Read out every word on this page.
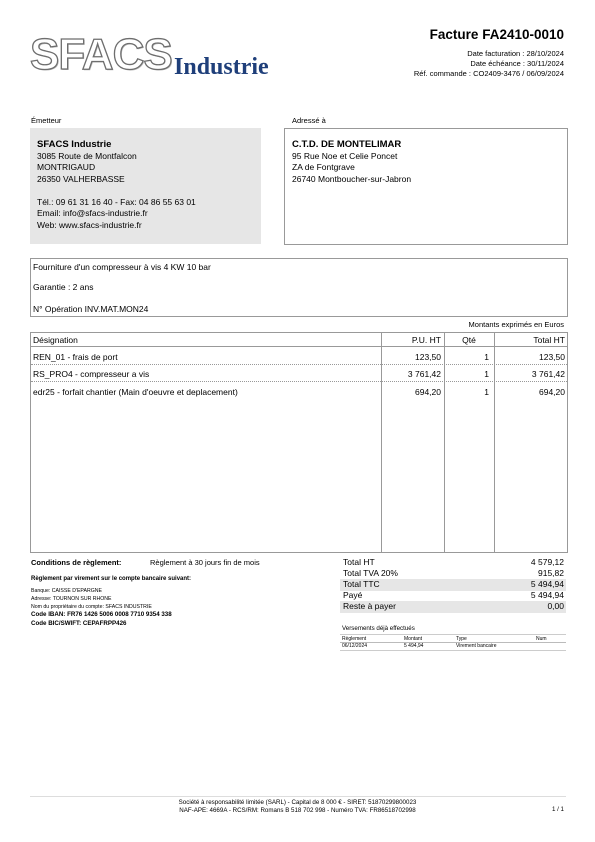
SFACS Industrie
Facture FA2410-0010
Date facturation : 28/10/2024
Date échéance : 30/11/2024
Réf. commande : CO2409-3476 / 06/09/2024
Émetteur	Adressé à
SFACS Industrie
3085 Route de Montfalcon
MONTRIGAUD
26350 VALHERBASSE

Tél.: 09 61 31 16 40 - Fax: 04 86 55 63 01
Email: info@sfacs-industrie.fr
Web: www.sfacs-industrie.fr
C.T.D. DE MONTELIMAR
95 Rue Noe et Celie Poncet
ZA de Fontgrave
26740 Montboucher-sur-Jabron
Fourniture d'un compresseur à vis 4 KW 10 bar
Garantie : 2 ans
N° Opération INV.MAT.MON24
Montants exprimés en Euros
Désignation	P.U. HT	Qté	Total HT
REN_01 - frais de port	123,50	1	123,50
RS_PRO4 - compresseur a vis	3 761,42	1	3 761,42
edr25 - forfait chantier (Main d'oeuvre et deplacement)	694,20	1	694,20
Conditions de règlement:	Règlement à 30 jours fin de mois
Règlement par virement sur le compte bancaire suivant:
Banque: CAISSE D'EPARGNE
Adresse: TOURNON SUR RHONE
Nom du propriétaire du compte: SFACS INDUSTRIE
Code IBAN: FR76 1426 5006 0008 7710 9354 338
Code BIC/SWIFT: CEPAFRPP426
Total HT	4 579,12
Total TVA 20%	915,82
Total TTC	5 494,94
Payé	5 494,94
Reste à payer	0,00
Versements déjà effectués
Règlement	Montant	Type	Num
06/12/2024	5 494,94	Virement bancaire
Société à responsabilité limitée (SARL) - Capital de 8 000 € - SIRET: 51870299800023
NAF-APE: 4669A - RCS/RM: Romans B 518 702 998 - Numéro TVA: FR86518702998	1 / 1
